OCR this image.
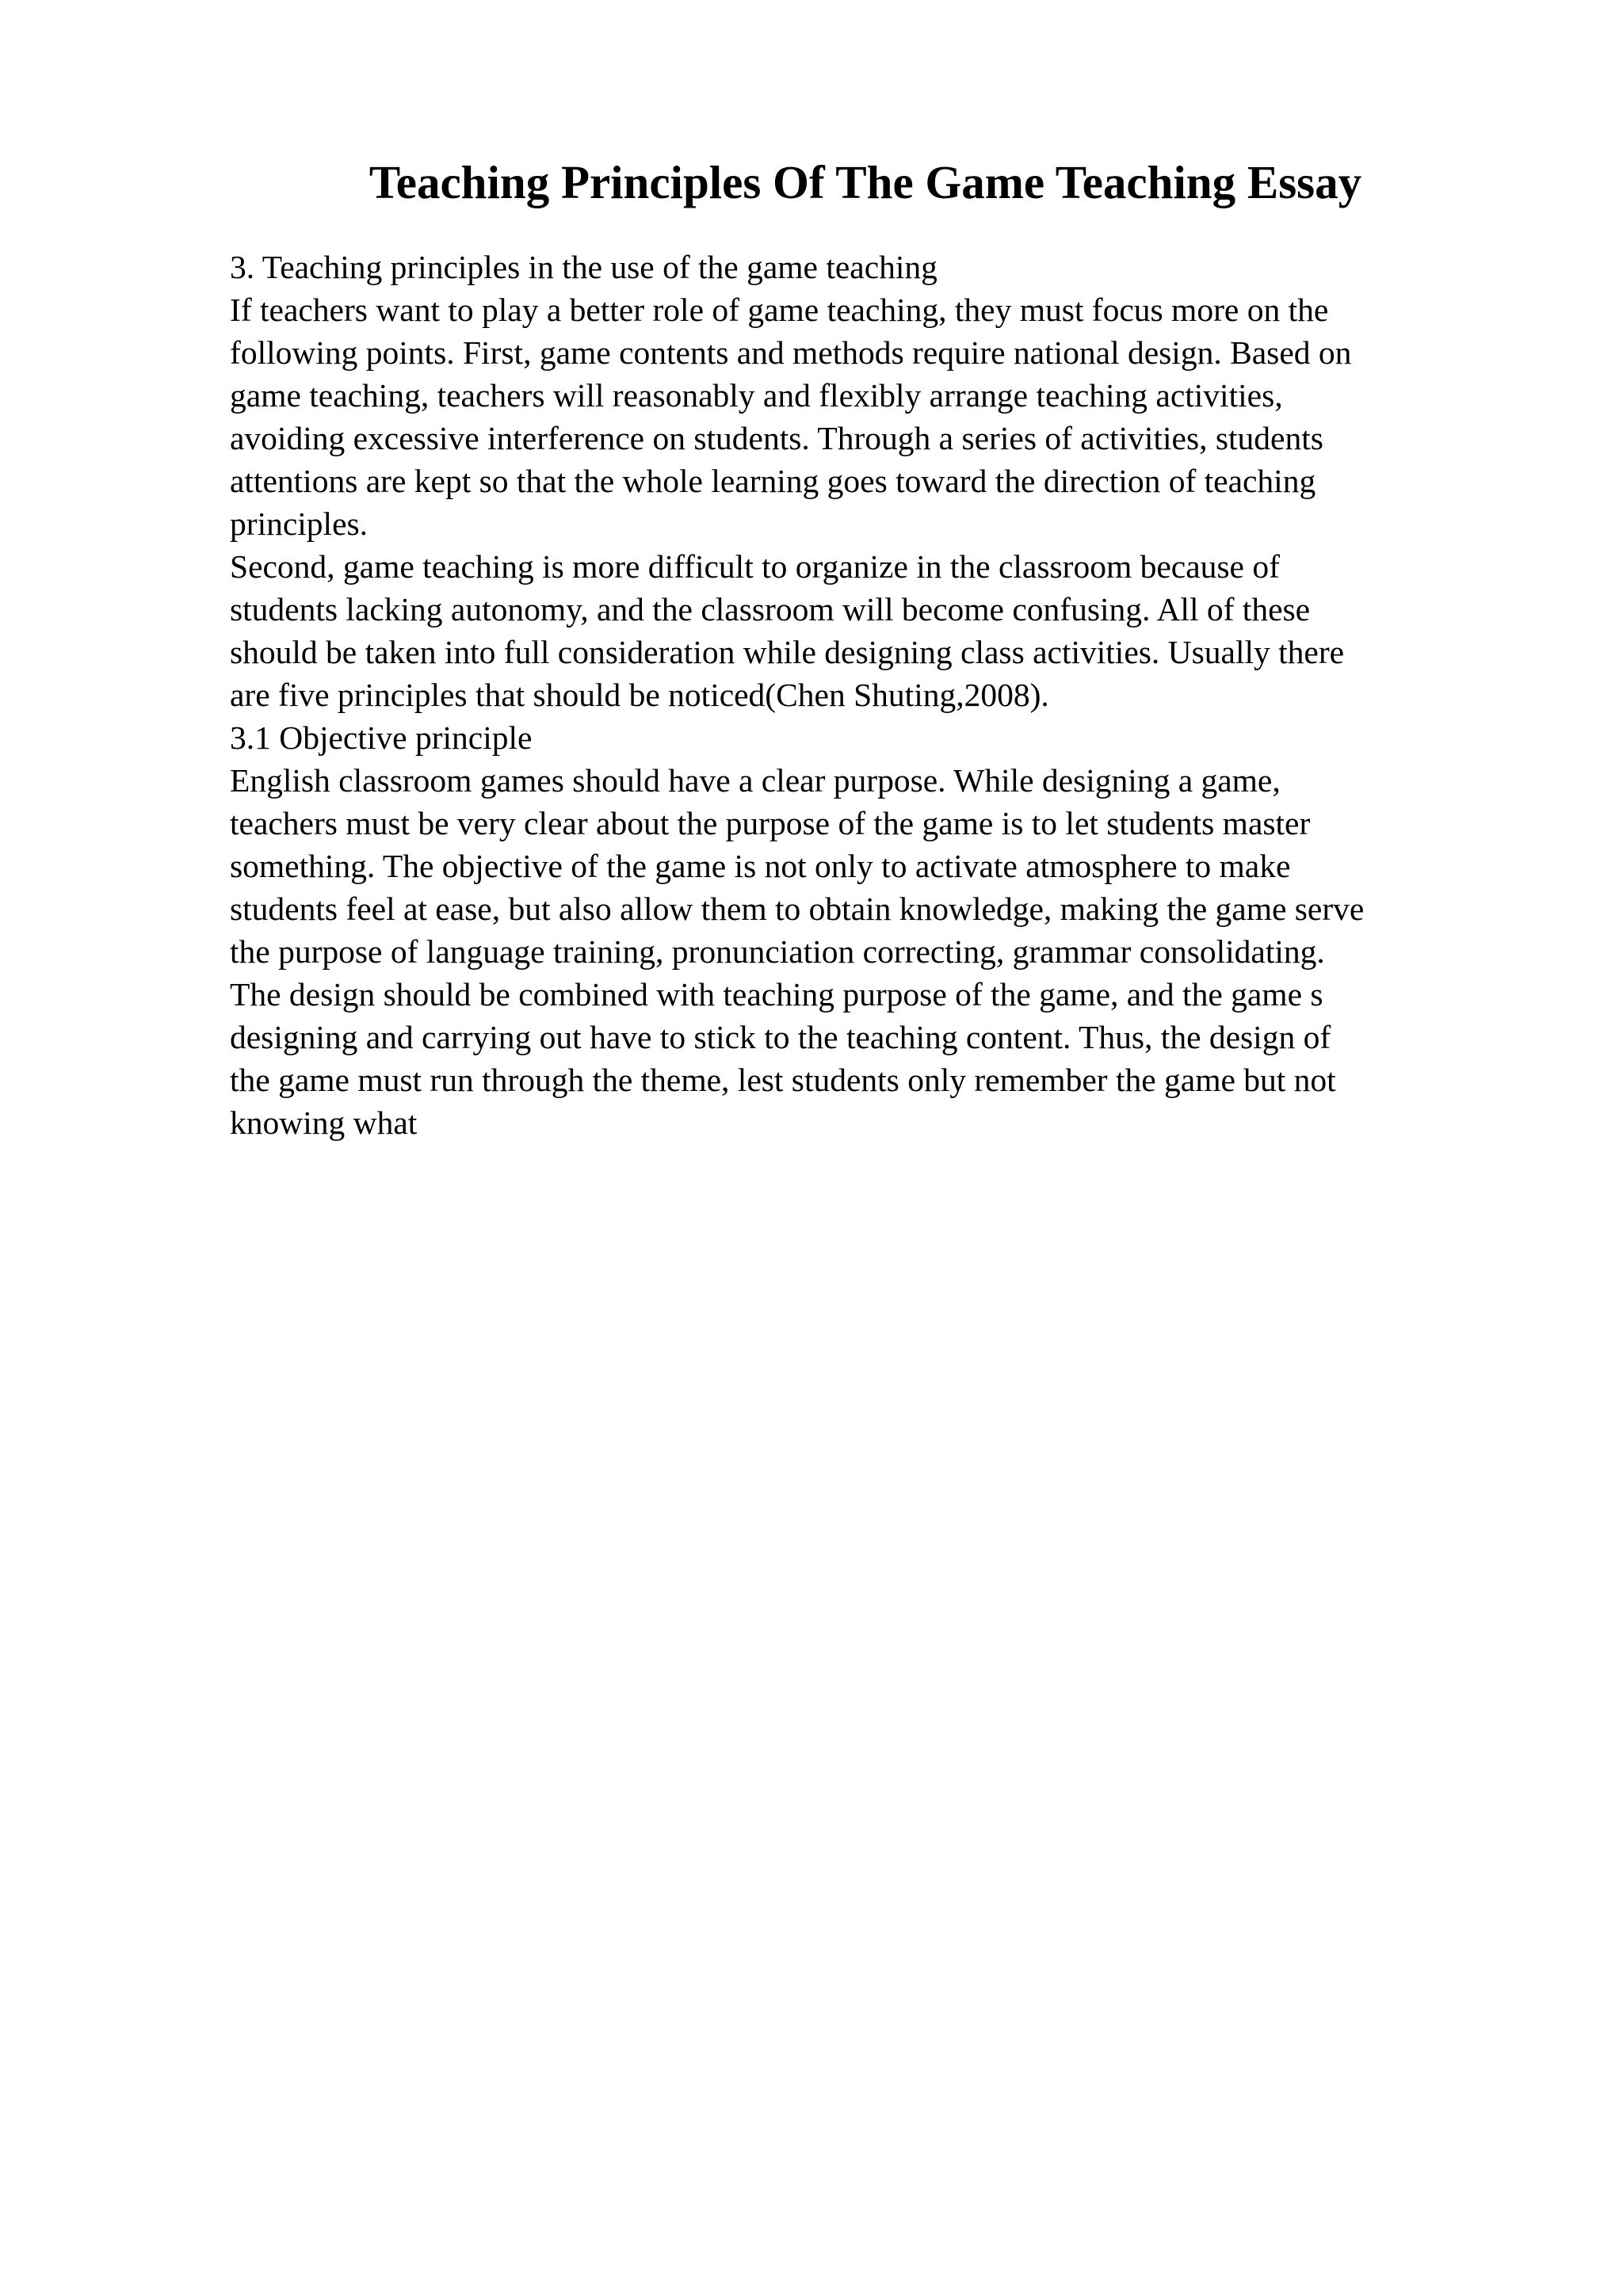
Teaching Principles Of The Game Teaching Essay
3. Teaching principles in the use of the game teaching
If teachers want to play a better role of game teaching, they must focus more on the
following points. First, game contents and methods require national design. Based on
game teaching, teachers will reasonably and flexibly arrange teaching activities,
avoiding excessive interference on students. Through a series of activities, students
attentions are kept so that the whole learning goes toward the direction of teaching
principles.
Second, game teaching is more difficult to organize in the classroom because of
students lacking autonomy, and the classroom will become confusing. All of these
should be taken into full consideration while designing class activities. Usually there
are five principles that should be noticed(Chen Shuting,2008).
3.1 Objective principle
English classroom games should have a clear purpose. While designing a game,
teachers must be very clear about the purpose of the game is to let students master
something. The objective of the game is not only to activate atmosphere to make
students feel at ease, but also allow them to obtain knowledge, making the game serve
the purpose of language training, pronunciation correcting, grammar consolidating.
The design should be combined with teaching purpose of the game, and the game s
designing and carrying out have to stick to the teaching content. Thus, the design of
the game must run through the theme, lest students only remember the game but not
knowing what
